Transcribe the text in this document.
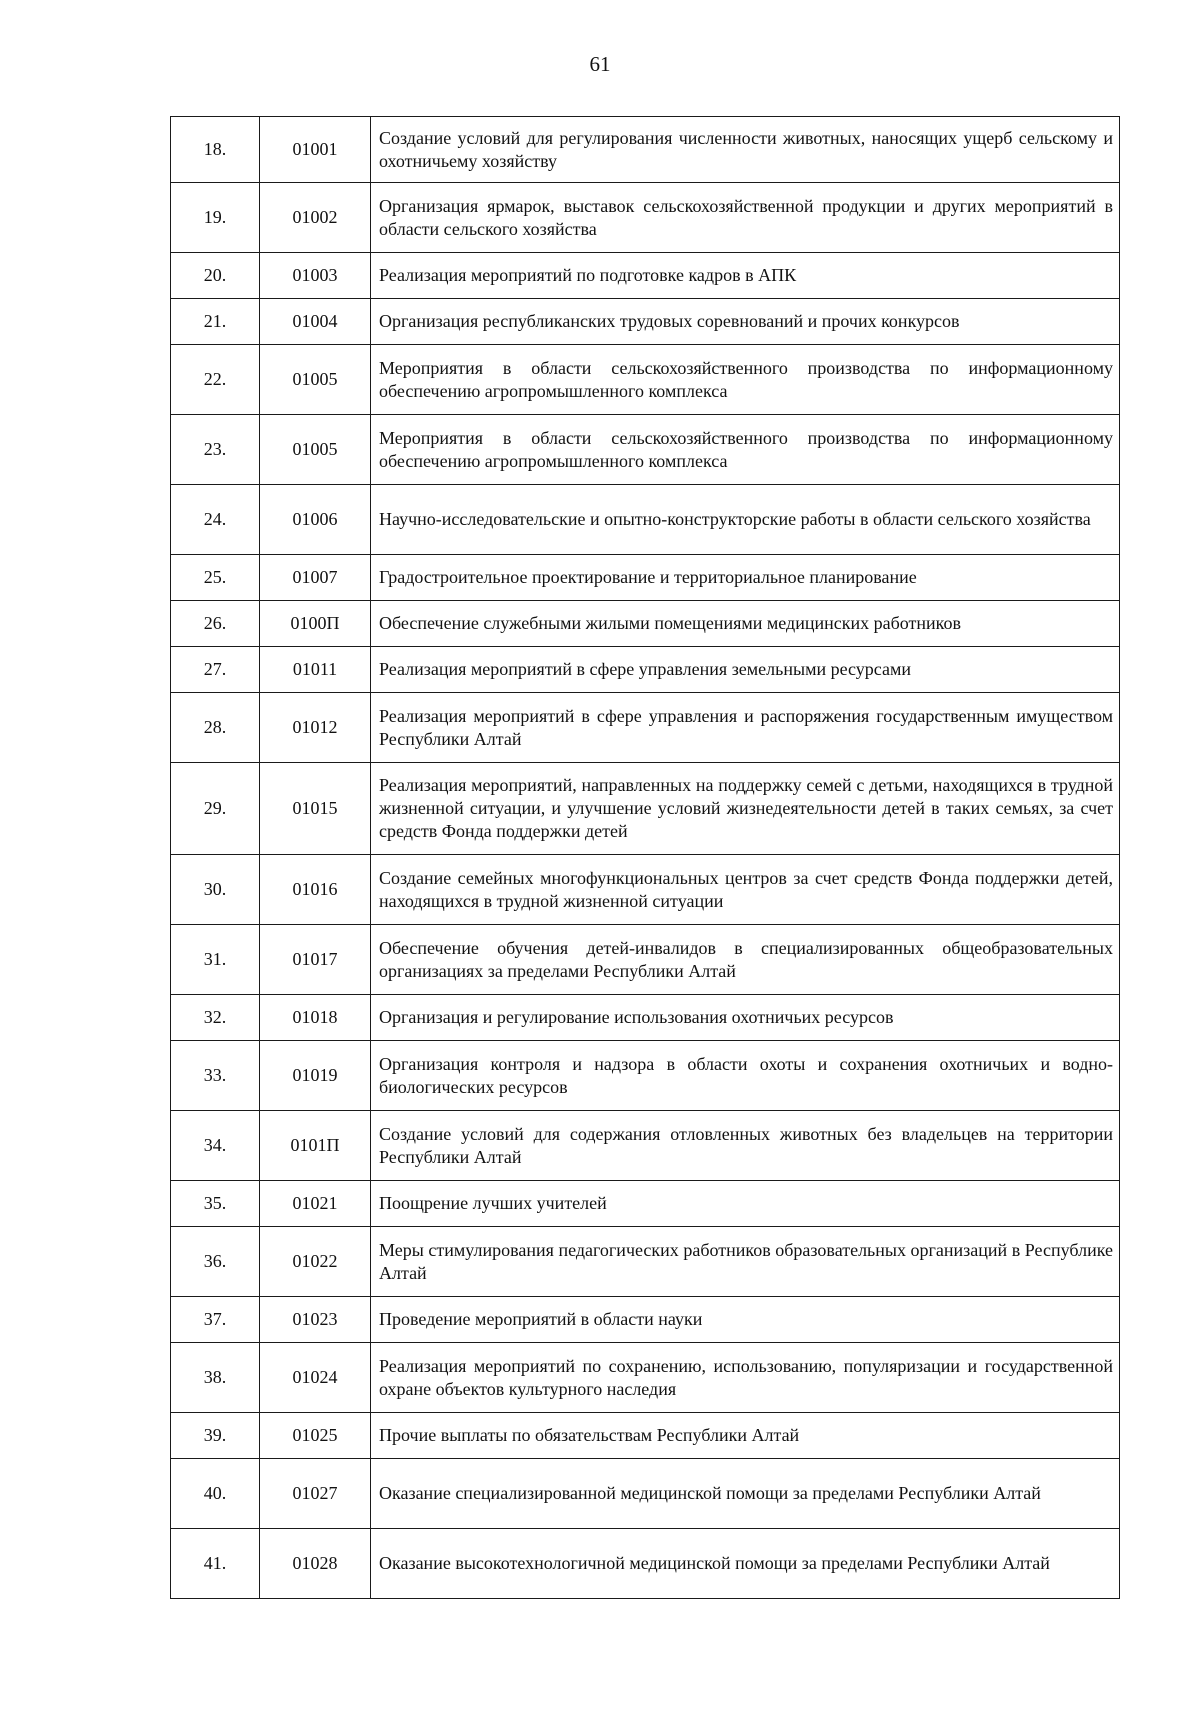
61
18.	01001	Создание условий для регулирования численности животных, наносящих ущерб сельскому и охотничьему хозяйству
19.	01002	Организация ярмарок, выставок сельскохозяйственной продукции и других мероприятий в области сельского хозяйства
20.	01003	Реализация мероприятий по подготовке кадров в АПК
21.	01004	Организация республиканских трудовых соревнований и прочих конкурсов
22.	01005	Мероприятия в области сельскохозяйственного производства по информационному обеспечению агропромышленного комплекса
23.	01005	Мероприятия в области сельскохозяйственного производства по информационному обеспечению агропромышленного комплекса
24.	01006	Научно-исследовательские и опытно-конструкторские работы в области сельского хозяйства
25.	01007	Градостроительное проектирование и территориальное планирование
26.	0100П	Обеспечение служебными жилыми помещениями медицинских работников
27.	01011	Реализация мероприятий в сфере управления земельными ресурсами
28.	01012	Реализация мероприятий в сфере управления и распоряжения государственным имуществом Республики Алтай
29.	01015	Реализация мероприятий, направленных на поддержку семей с детьми, находящихся в трудной жизненной ситуации, и улучшение условий жизнедеятельности детей в таких семьях, за счет средств Фонда поддержки детей
30.	01016	Создание семейных многофункциональных центров за счет средств Фонда поддержки детей, находящихся в трудной жизненной ситуации
31.	01017	Обеспечение обучения детей-инвалидов в специализированных общеобразовательных организациях за пределами Республики Алтай
32.	01018	Организация и регулирование использования охотничьих ресурсов
33.	01019	Организация контроля и надзора в области охоты и сохранения охотничьих и водно-биологических ресурсов
34.	0101П	Создание условий для содержания отловленных животных без владельцев на территории Республики Алтай
35.	01021	Поощрение лучших учителей
36.	01022	Меры стимулирования педагогических работников образовательных организаций в Республике Алтай
37.	01023	Проведение мероприятий в области науки
38.	01024	Реализация мероприятий по сохранению, использованию, популяризации и государственной охране объектов культурного наследия
39.	01025	Прочие выплаты по обязательствам Республики Алтай
40.	01027	Оказание специализированной медицинской помощи за пределами Республики Алтай
41.	01028	Оказание высокотехнологичной медицинской помощи за пределами Республики Алтай
